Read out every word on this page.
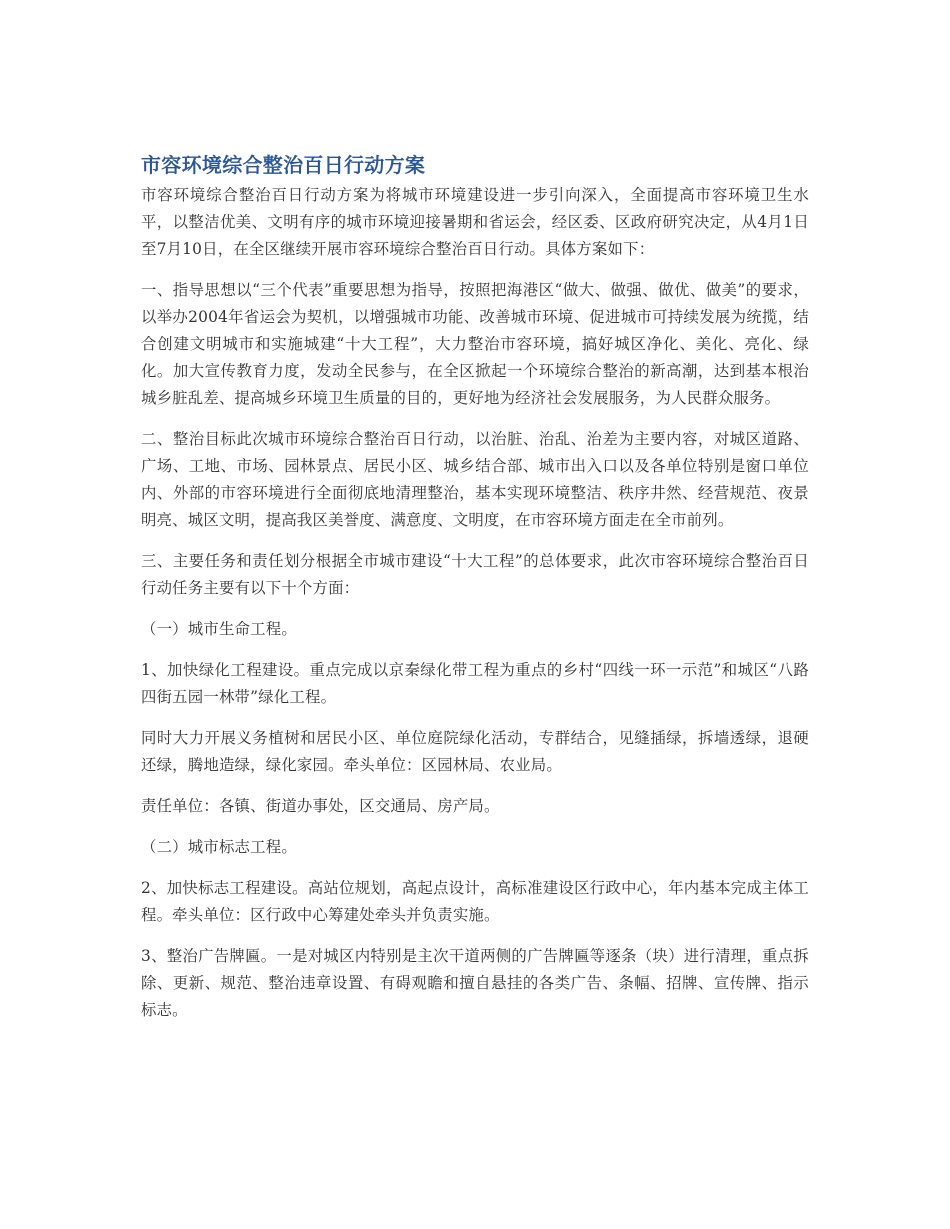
市容环境综合整治百日行动方案

市容环境综合整治百日行动方案为将城市环境建设进一步引向深入，全面提高市容环境卫生水平，以整洁优美、文明有序的城市环境迎接暑期和省运会，经区委、区政府研究决定，从4月1日至7月10日，在全区继续开展市容环境综合整治百日行动。具体方案如下：

一、指导思想以“三个代表”重要思想为指导，按照把海港区“做大、做强、做优、做美”的要求，以举办2004年省运会为契机，以增强城市功能、改善城市环境、促进城市可持续发展为统揽，结合创建文明城市和实施城建“十大工程”，大力整治市容环境，搞好城区净化、美化、亮化、绿化。加大宣传教育力度，发动全民参与，在全区掀起一个环境综合整治的新高潮，达到基本根治城乡脏乱差、提高城乡环境卫生质量的目的，更好地为经济社会发展服务，为人民群众服务。

二、整治目标此次城市环境综合整治百日行动，以治脏、治乱、治差为主要内容，对城区道路、广场、工地、市场、园林景点、居民小区、城乡结合部、城市出入口以及各单位特别是窗口单位内、外部的市容环境进行全面彻底地清理整治，基本实现环境整洁、秩序井然、经营规范、夜景明亮、城区文明，提高我区美誉度、满意度、文明度，在市容环境方面走在全市前列。

三、主要任务和责任划分根据全市城市建设“十大工程”的总体要求，此次市容环境综合整治百日行动任务主要有以下十个方面：

（一）城市生命工程。

1、加快绿化工程建设。重点完成以京秦绿化带工程为重点的乡村“四线一环一示范”和城区“八路四街五园一林带”绿化工程。

同时大力开展义务植树和居民小区、单位庭院绿化活动，专群结合，见缝插绿，拆墙透绿，退硬还绿，腾地造绿，绿化家园。牵头单位：区园林局、农业局。

责任单位：各镇、街道办事处，区交通局、房产局。

（二）城市标志工程。

2、加快标志工程建设。高站位规划，高起点设计，高标准建设区行政中心，年内基本完成主体工程。牵头单位：区行政中心筹建处牵头并负责实施。

3、整治广告牌匾。一是对城区内特别是主次干道两侧的广告牌匾等逐条（块）进行清理，重点拆除、更新、规范、整治违章设置、有碍观瞻和擅自悬挂的各类广告、条幅、招牌、宣传牌、指示标志。
